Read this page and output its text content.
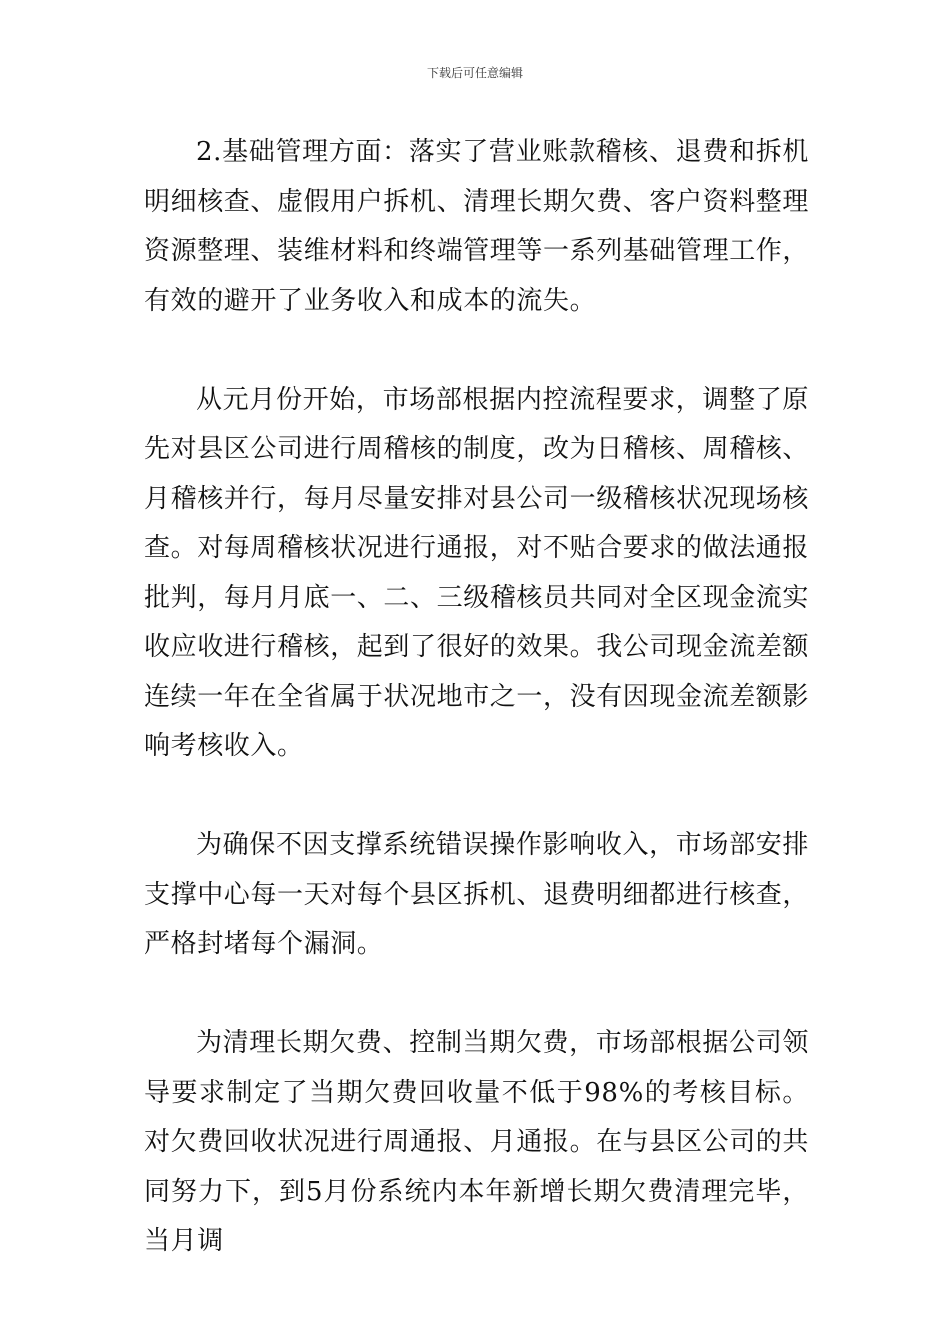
下载后可任意编辑

2.基础管理方面：落实了营业账款稽核、退费和拆机明细核查、虚假用户拆机、清理长期欠费、客户资料整理资源整理、装维材料和终端管理等一系列基础管理工作，有效的避开了业务收入和成本的流失。

从元月份开始，市场部根据内控流程要求，调整了原先对县区公司进行周稽核的制度，改为日稽核、周稽核、月稽核并行，每月尽量安排对县公司一级稽核状况现场核查。对每周稽核状况进行通报，对不贴合要求的做法通报批判，每月月底一、二、三级稽核员共同对全区现金流实收应收进行稽核，起到了很好的效果。我公司现金流差额连续一年在全省属于状况地市之一，没有因现金流差额影响考核收入。

为确保不因支撑系统错误操作影响收入，市场部安排支撑中心每一天对每个县区拆机、退费明细都进行核查，严格封堵每个漏洞。

为清理长期欠费、控制当期欠费，市场部根据公司领导要求制定了当期欠费回收量不低于98%的考核目标。对欠费回收状况进行周通报、月通报。在与县区公司的共同努力下，到5月份系统内本年新增长期欠费清理完毕，当月调
